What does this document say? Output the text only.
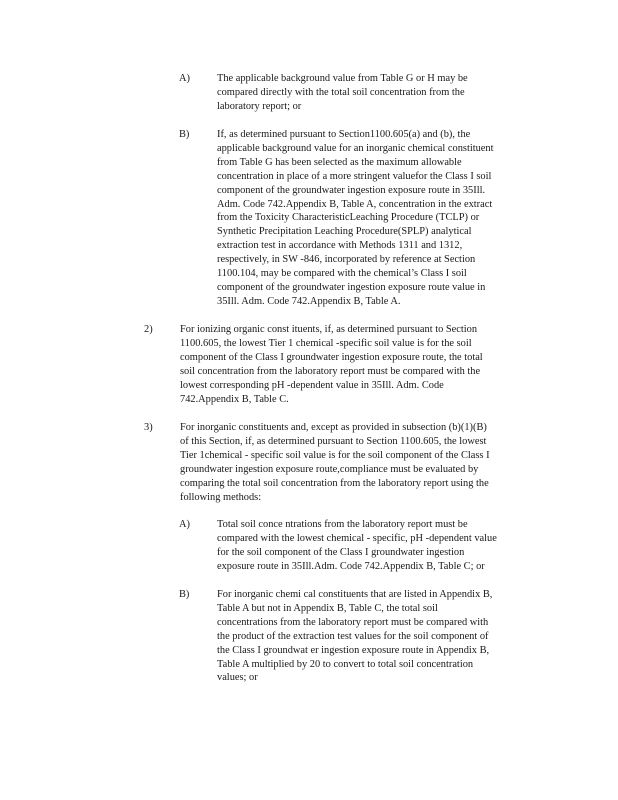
A)	The applicable background value from Table G or H may be
compared directly with the total soil concentration from the
laboratory report; or
B)	If, as determined pursuant to Section1100.605(a) and (b), the
applicable background value for an inorganic chemical constituent
from Table G has been selected as the maximum allowable
concentration in place of a more stringent valuefor the Class I soil
component of the groundwater ingestion exposure route in 35Ill.
Adm. Code 742.Appendix B, Table A, concentration in the extract
from the Toxicity CharacteristicLeaching Procedure (TCLP) or
Synthetic Precipitation Leaching Procedure(SPLP) analytical
extraction test in accordance with Methods 1311 and 1312,
respectively, in SW -846, incorporated by reference at Section
1100.104, may be compared with the chemical’s Class I soil
component of the groundwater ingestion exposure route value in
35Ill. Adm. Code 742.Appendix B, Table A.
2)	For ionizing organic const ituents, if, as determined pursuant to Section
1100.605, the lowest Tier 1 chemical -specific soil value is for the soil
component of the Class I groundwater ingestion exposure route, the total
soil concentration from the laboratory report must be compared with the
lowest corresponding pH -dependent value in 35Ill. Adm. Code
742.Appendix B, Table C.
3)	For inorganic constituents and, except as provided in subsection (b)(1)(B)
of this Section, if, as determined pursuant to Section 1100.605, the lowest
Tier 1chemical - specific soil value is for the soil component of the Class I
groundwater ingestion exposure route,compliance must be evaluated by
comparing the total soil concentration from the laboratory report using the
following methods:
A)	Total soil conce ntrations from the laboratory report must be
compared with the lowest chemical - specific, pH -dependent value
for the soil component of the Class I groundwater ingestion
exposure route in 35Ill.Adm. Code 742.Appendix B, Table C; or
B)	For inorganic chemi cal constituents that are listed in Appendix B,
Table A but not in Appendix B, Table C, the total soil
concentrations from the laboratory report must be compared with
the product of the extraction test values for the soil component of
the Class I groundwat er ingestion exposure route in Appendix B,
Table A multiplied by 20 to convert to total soil concentration
values; or
